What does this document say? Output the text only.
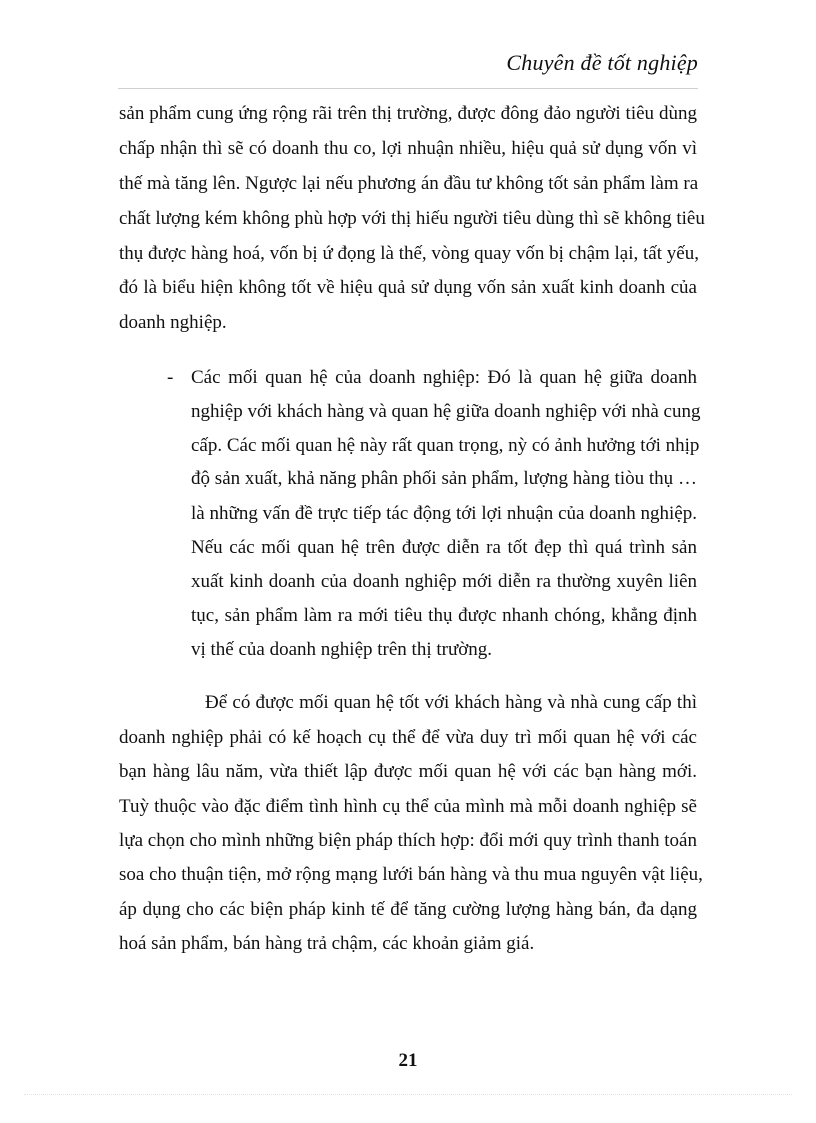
Chuyên đề tốt nghiệp
sản phẩm cung ứng rộng rãi trên thị trường, được đông đảo người tiêu dùng
chấp nhận thì sẽ có doanh thu co, lợi nhuận nhiều, hiệu quả sử dụng vốn vì
thế mà tăng lên. Ngược lại nếu phương án đầu tư không tốt sản phẩm làm ra
chất lượng kém không phù hợp với thị hiếu người tiêu dùng thì sẽ không tiêu
thụ được hàng hoá, vốn bị ứ đọng là thế, vòng quay vốn bị chậm lại, tất yếu,
đó là biểu hiện không tốt về hiệu quả sử dụng vốn sản xuất kinh doanh của
doanh nghiệp.
- Các mối quan hệ của doanh nghiệp: Đó là quan hệ giữa doanh
nghiệp với khách hàng và quan hệ giữa doanh nghiệp với nhà cung
cấp. Các mối quan hệ này rất quan trọng, nỳ có ảnh hưởng tới nhịp
độ sản xuất, khả năng phân phối sản phẩm, lượng hàng tiòu thụ …
là những vấn đề trực tiếp tác động tới lợi nhuận của doanh nghiệp.
Nếu các mối quan hệ trên được diễn ra tốt đẹp thì quá trình sản
xuất kinh doanh của doanh nghiệp mới diễn ra thường xuyên liên
tục, sản phẩm làm ra mới tiêu thụ được nhanh chóng, khẳng định
vị thế của doanh nghiệp trên thị trường.
Để có được mối quan hệ tốt với khách hàng và nhà cung cấp thì
doanh nghiệp phải có kế hoạch cụ thể để vừa duy trì mối quan hệ với các
bạn hàng lâu năm, vừa thiết lập được mối quan hệ với các bạn hàng mới.
Tuỳ thuộc vào đặc điểm tình hình cụ thể của mình mà mỗi doanh nghiệp sẽ
lựa chọn cho mình những biện pháp thích hợp: đổi mới quy trình thanh toán
soa cho thuận tiện, mở rộng mạng lưới bán hàng và thu mua nguyên vật liệu,
áp dụng cho các biện pháp kinh tế để tăng cường lượng hàng bán, đa dạng
hoá sản phẩm, bán hàng trả chậm, các khoản giảm giá.
21
